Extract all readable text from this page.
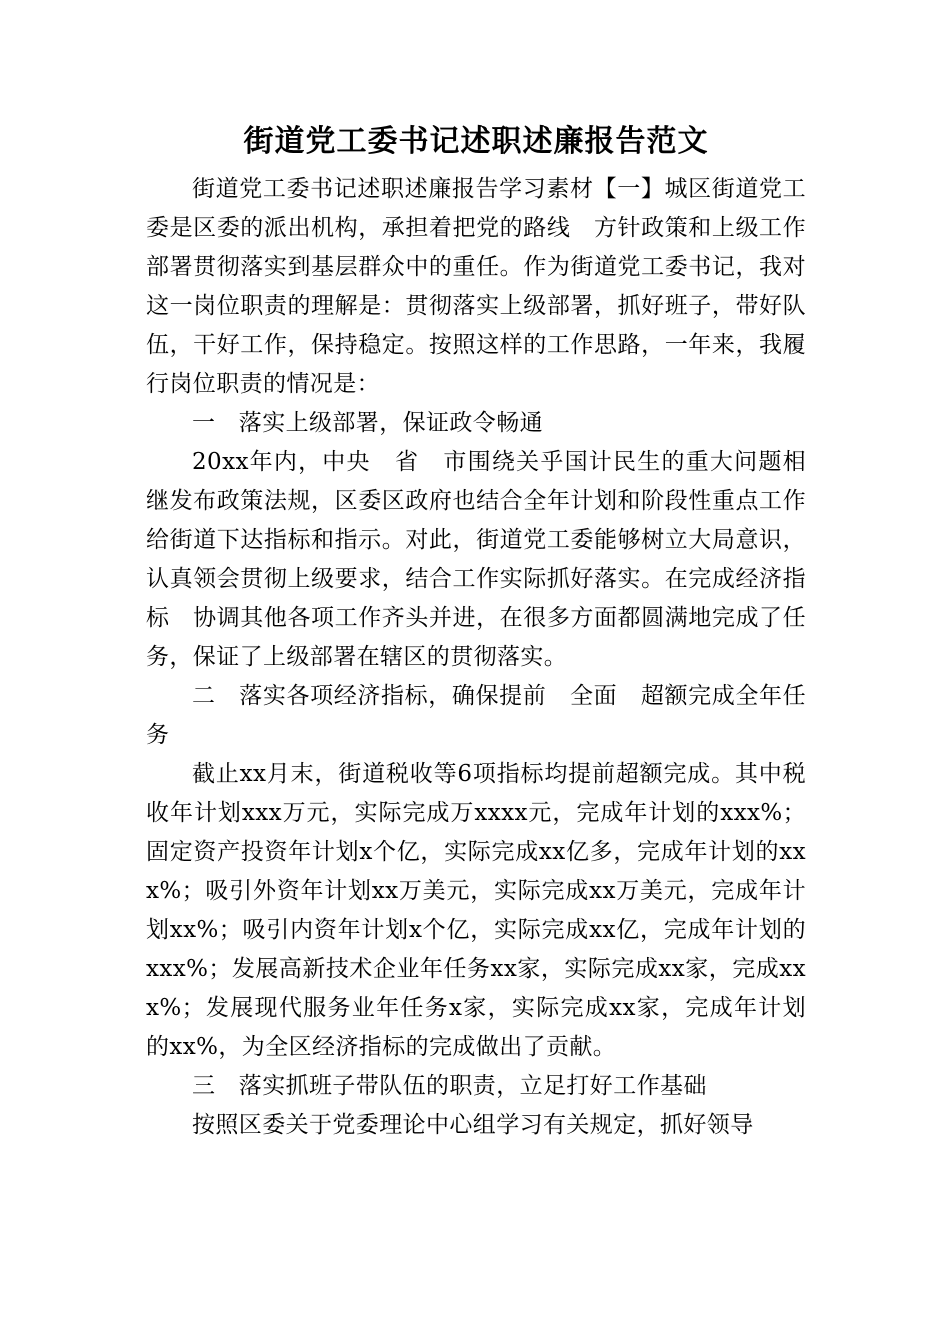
街道党工委书记述职述廉报告范文

街道党工委书记述职述廉报告学习素材【一】城区街道党工委是区委的派出机构，承担着把党的路线　方针政策和上级工作部署贯彻落实到基层群众中的重任。作为街道党工委书记，我对这一岗位职责的理解是：贯彻落实上级部署，抓好班子，带好队伍，干好工作，保持稳定。按照这样的工作思路，一年来，我履行岗位职责的情况是：

一　落实上级部署，保证政令畅通

20xx年内，中央　省　市围绕关乎国计民生的重大问题相继发布政策法规，区委区政府也结合全年计划和阶段性重点工作给街道下达指标和指示。对此，街道党工委能够树立大局意识，认真领会贯彻上级要求，结合工作实际抓好落实。在完成经济指标　协调其他各项工作齐头并进，在很多方面都圆满地完成了任务，保证了上级部署在辖区的贯彻落实。

二　落实各项经济指标，确保提前　全面　超额完成全年任务

截止xx月末，街道税收等6项指标均提前超额完成。其中税收年计划xxx万元，实际完成万xxxx元，完成年计划的xxx%；固定资产投资年计划x个亿，实际完成xx亿多，完成年计划的xxx%；吸引外资年计划xx万美元，实际完成xx万美元，完成年计划xx%；吸引内资年计划x个亿，实际完成xx亿，完成年计划的xxx%；发展高新技术企业年任务xx家，实际完成xx家，完成xxx%；发展现代服务业年任务x家，实际完成xx家，完成年计划的xx%，为全区经济指标的完成做出了贡献。

三　落实抓班子带队伍的职责，立足打好工作基础

按照区委关于党委理论中心组学习有关规定，抓好领导
